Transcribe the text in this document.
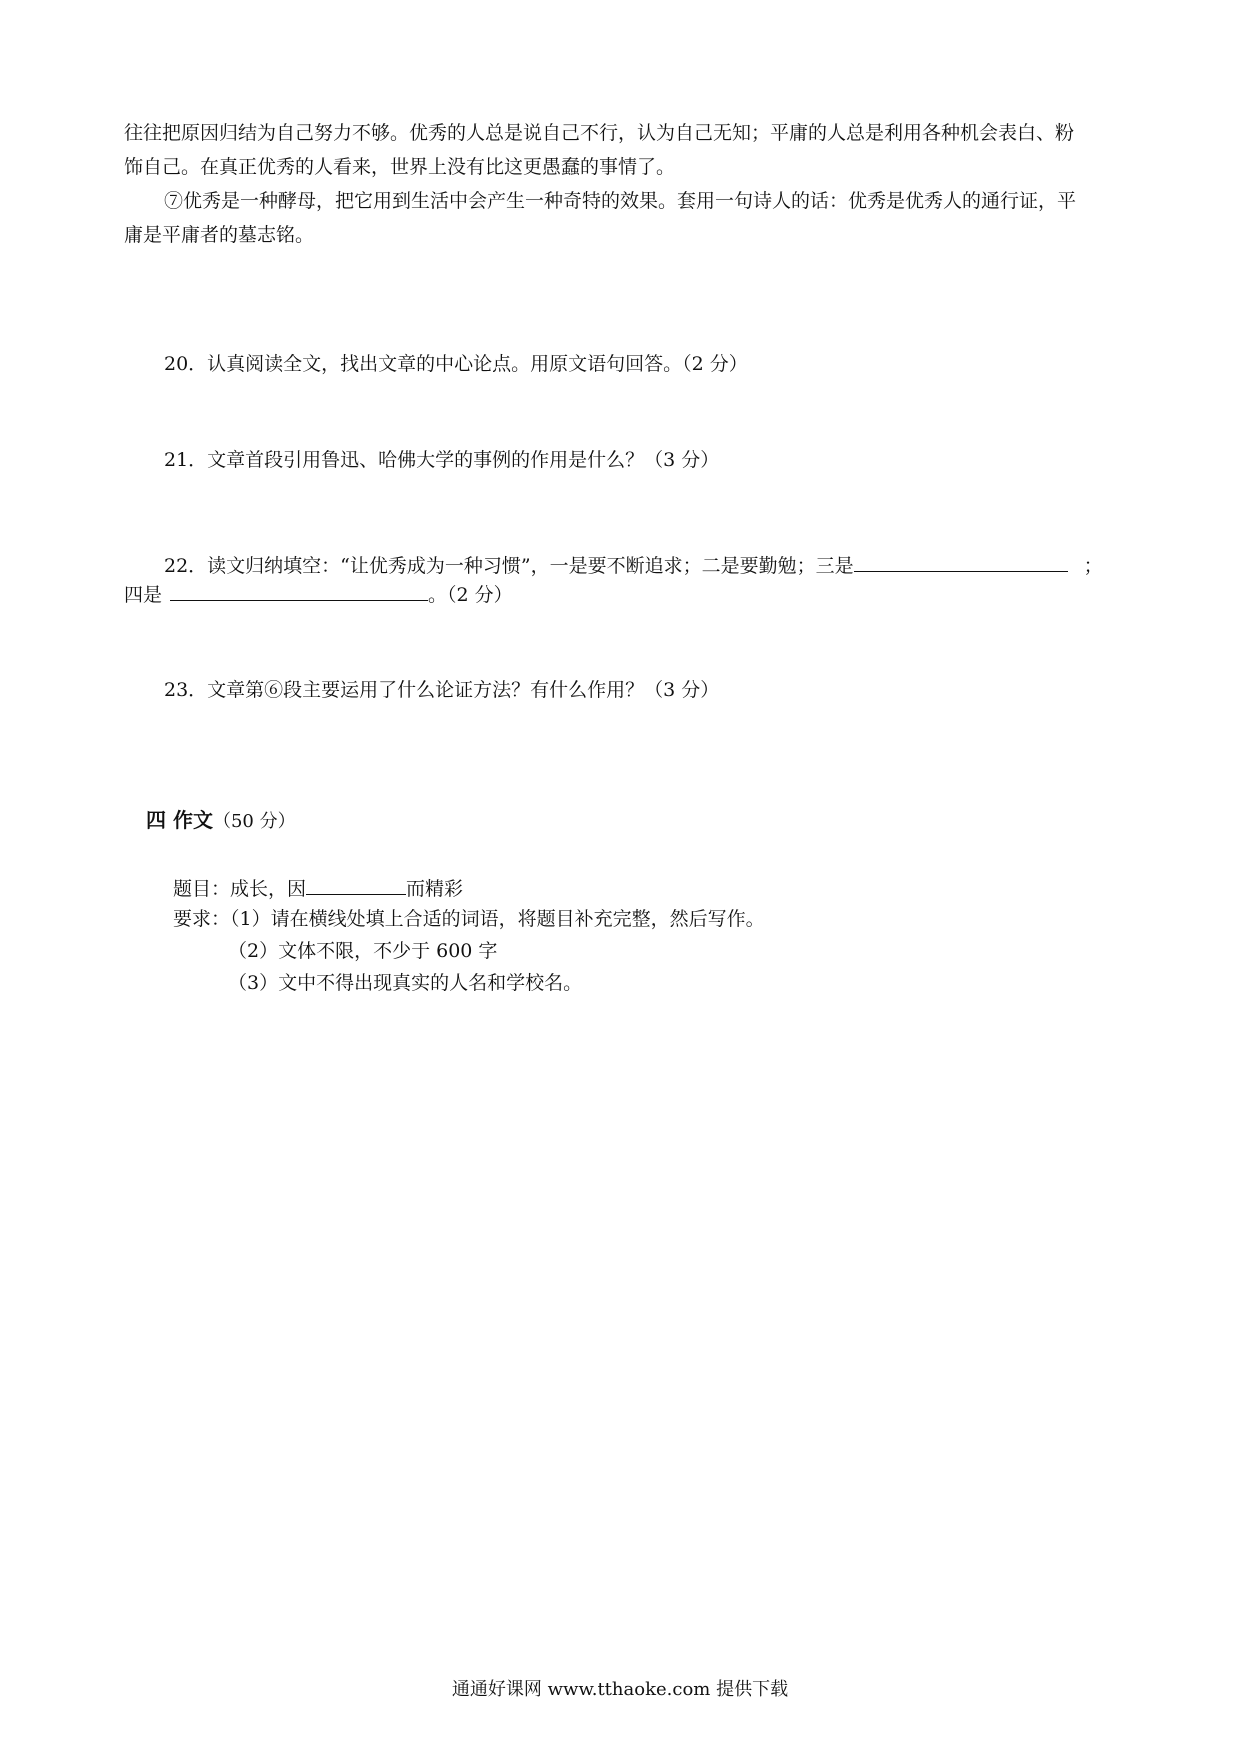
往往把原因归结为自己努力不够。优秀的人总是说自己不行，认为自己无知；平庸的人总是利用各种机会表白、粉
饰自己。在真正优秀的人看来，世界上没有比这更愚蠢的事情了。
⑦优秀是一种酵母，把它用到生活中会产生一种奇特的效果。套用一句诗人的话：优秀是优秀人的通行证，平
庸是平庸者的墓志铭。
20．认真阅读全文，找出文章的中心论点。用原文语句回答。（2 分）
21．文章首段引用鲁迅、哈佛大学的事例的作用是什么？（3 分）
22．读文归纳填空：“让优秀成为一种习惯”，一是要不断追求；二是要勤勉；三是	；
四是	。（2 分）
23．文章第⑥段主要运用了什么论证方法？有什么作用？（3 分）
四 作文（50 分）
题目：成长，因	而精彩
要求：（1）请在横线处填上合适的词语，将题目补充完整，然后写作。
（2）文体不限，不少于 600 字
（3）文中不得出现真实的人名和学校名。
通通好课网 www.tthaoke.com 提供下载
